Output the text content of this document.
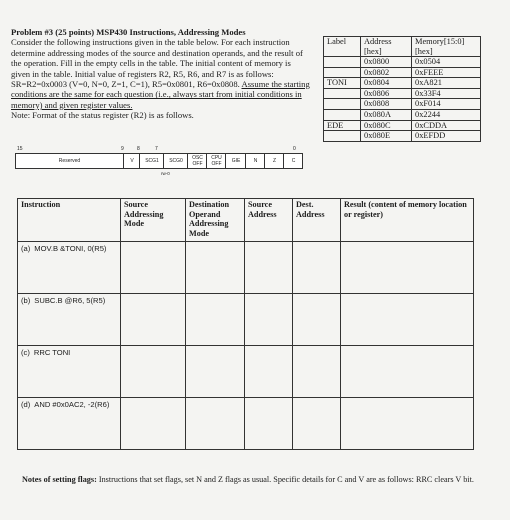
Problem #3 (25 points) MSP430 Instructions, Addressing Modes
Consider the following instructions given in the table below. For each instruction determine addressing modes of the source and destination operands, and the result of the operation. Fill in the empty cells in the table. The initial content of memory is given in the table. Initial value of registers R2, R5, R6, and R7 is as follows: SR=R2=0x0003 (V=0, N=0, Z=1, C=1), R5=0x0801, R6=0x0808. Assume the starting conditions are the same for each question (i.e., always start from initial conditions in memory) and given register values.
Note: Format of the status register (R2) is as follows.
Label	Address [hex]	Memory[15:0] [hex]
	0x0800	0x0504
	0x0802	0xFEEE
TONI	0x0804	0xA821
	0x0806	0x33F4
	0x0808	0xF014
	0x080A	0x2244
EDE	0x080C	0xCDDA
	0x080E	0xEFDD
15	9	8	7	0
Reserved	V	SCG1	SCG0	OSC OFF
CPU OFF	GIE	N	Z	C
rw-0
Instruction	Source Addressing Mode	Destination Operand Addressing Mode	Source Address	Dest. Address	Result (content of memory location or register)
(a) MOV.B &TONI, 0(R5)					
(b) SUBC.B @R6, 5(R5)					
(c) RRC TONI					
(d) AND #0x0AC2, -2(R6)					
Notes of setting flags: Instructions that set flags, set N and Z flags as usual. Specific details for C and V are as follows: RRC clears V bit.
